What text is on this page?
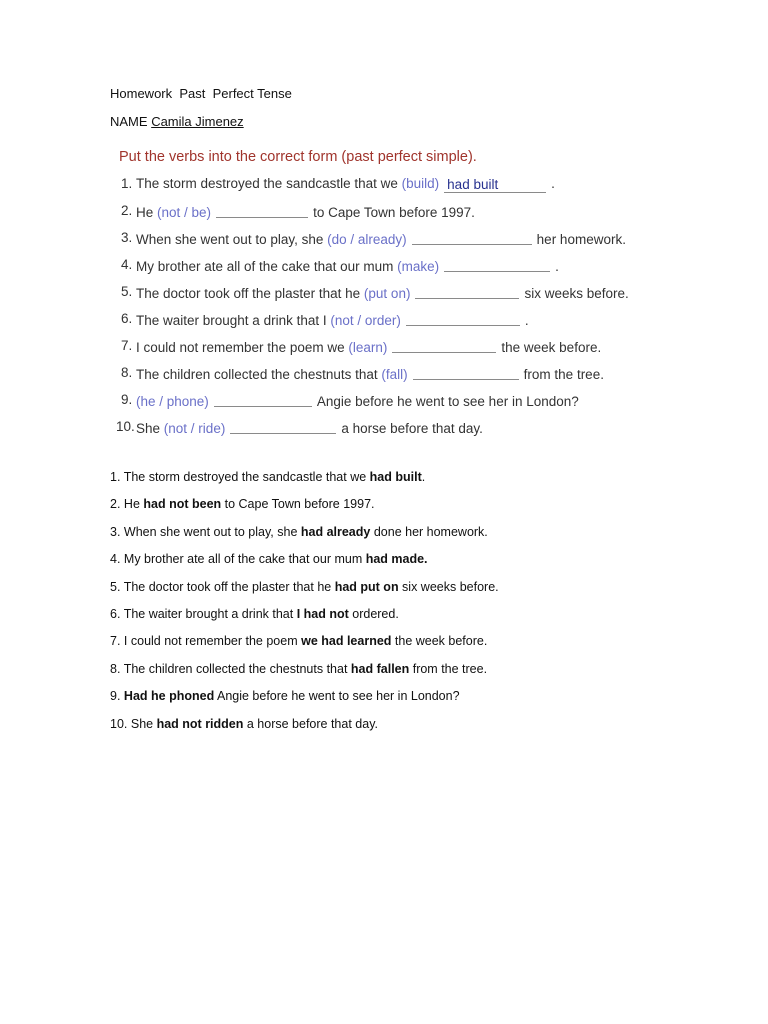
Homework  Past  Perfect Tense
NAME Camila Jimenez

Put the verbs into the correct form (past perfect simple).

1. The storm destroyed the sandcastle that we (build) had built	.
2. He (not / be)	to Cape Town before 1997.
3. When she went out to play, she (do / already)	her homework.
4. My brother ate all of the cake that our mum (make)	.
5. The doctor took off the plaster that he (put on)	six weeks before.
6. The waiter brought a drink that I (not / order)	.
7. I could not remember the poem we (learn)	the week before.
8. The children collected the chestnuts that (fall)	from the tree.
9. (he / phone)	Angie before he went to see her in London?
10. She (not / ride)	a horse before that day.
1. The storm destroyed the sandcastle that we had built.
2. He had not been to Cape Town before 1997.
3. When she went out to play, she had already done her homework.
4. My brother ate all of the cake that our mum had made.
5. The doctor took off the plaster that he had put on six weeks before.
6. The waiter brought a drink that I had not ordered.
7. I could not remember the poem we had learned the week before.
8. The children collected the chestnuts that had fallen from the tree.
9. Had he phoned Angie before he went to see her in London?
10. She had not ridden a horse before that day.
